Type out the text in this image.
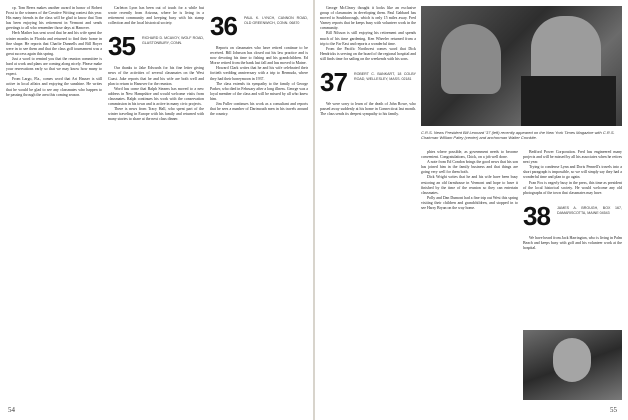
cp. Tom Beers makes another award in honor of Robert Frost to the winners of the Creative Writing contest this year. His many friends in the class will be glad to know that Tom has been enjoying his retirement in Vermont and sends greetings to all who remember those days at Hanover.

Herb Mather has sent word that he and his wife spent the winter months in Florida and returned to find their home in fine shape. He reports that Charlie Dunnells and Bill Boyer were in to see them and that the class golf tournament was a great success again this spring.

Just a word to remind you that the reunion committee is hard at work and plans are coming along nicely. Please make your reservations early so that we may know how many to expect.

From Largo, Fla., comes word that Art Hauser is still active in local affairs and enjoying the sunshine. He writes that he would be glad to see any classmates who happen to be passing through the area this coming season.

Carleton Lyon has been out of touch for a while but wrote recently from Arizona, where he is living in a retirement community and keeping busy with his stamp collection and the local historical society.

35 RICHARD D. MCAVOY, WOLF ROAD, GLASTONBURY, CONN.

Our thanks to Jake Edwards for his fine letter giving news of the activities of several classmates on the West Coast. Jake reports that he and his wife are both well and plan to return to Hanover for the reunion.

Word has come that Ralph Stearns has moved to a new address in New Hampshire and would welcome visits from classmates. Ralph continues his work with the conservation commission in his town and is active in many civic projects.

There is news from Tracy Hall, who spent part of the winter traveling in Europe with his family and returned with many stories to share at the next class dinner.

36 PAUL K. LYNCH, CANNON ROAD, OLD GREENWICH, CONN. 06870

Reports on classmates who have retired continue to be received. Bill Johnson has closed out his law practice and is now devoting his time to fishing and his grandchildren. Ed Morse retired from the bank last fall and has moved to Maine.

Howard Clark writes that he and his wife celebrated their fortieth wedding anniversary with a trip to Bermuda, where they had their honeymoon in 1937.

The class extends its sympathy to the family of George Parker, who died in February after a long illness. George was a loyal member of the class and will be missed by all who knew him.

Jim Fuller continues his work as a consultant and reports that he sees a number of Dartmouth men in his travels around the country.

George McCleary thought it looks like an exclusive group of classmates in developing them. Paul Gabbard has moved to Southborough, which is only 15 miles away. Fred Varney reports that he keeps busy with volunteer work in the community.

Bill Nilsson is still enjoying his retirement and spends much of his time gardening. Ken Wheeler returned from a trip to the Far East and reports a wonderful time.

From the Pacific Northwest comes word that Dick Hendricks is serving on the board of the regional hospital and still finds time for sailing on the weekends with his sons.

37 ROBERT C. BANKART, 18 COLBY ROAD, WELLESLEY, MASS. 02181

We were sorry to learn of the death of John Rowe, who passed away suddenly at his home in Connecticut last month. The class sends its deepest sympathy to his family.

C.R.S. News President Bill Leonard '37 (left) recently appeared on the New York Times Magazine with C.R.S. Chairman William Paley (center) and anchorman Walter Cronkite.

phies where possible, as government needs to become convenient. Congratulations, Chick, on a job well done.

A note from Ed Condon brings the good news that his son has joined him in the family business and that things are going very well for them both.

Dick Wright writes that he and his wife have been busy restoring an old farmhouse in Vermont and hope to have it finished by the time of the reunion so they can entertain classmates.

Polly and Dan Dumont had a fine trip out West this spring visiting their children and grandchildren, and stopped in to see Harry Bryan on the way home.

Bedford Power Corporation. Fred has engineered many projects and will be missed by all his associates when he retires next year.

Trying to condense Lynn and Doris Pennell's travels into a short paragraph is impossible, so we will simply say they had a wonderful time and plan to go again.

Fran Fox is eagerly busy in the press, this time as president of the local historical society. He would welcome any old photographs of the town that classmates may have.

38 JAMES A. BROUGH, BOX 167, DAMARISCOTTA, MAINE 04543

We have heard from Jack Harrington, who is living in Palm Beach and keeps busy with golf and his volunteer work at the hospital.

54	55
